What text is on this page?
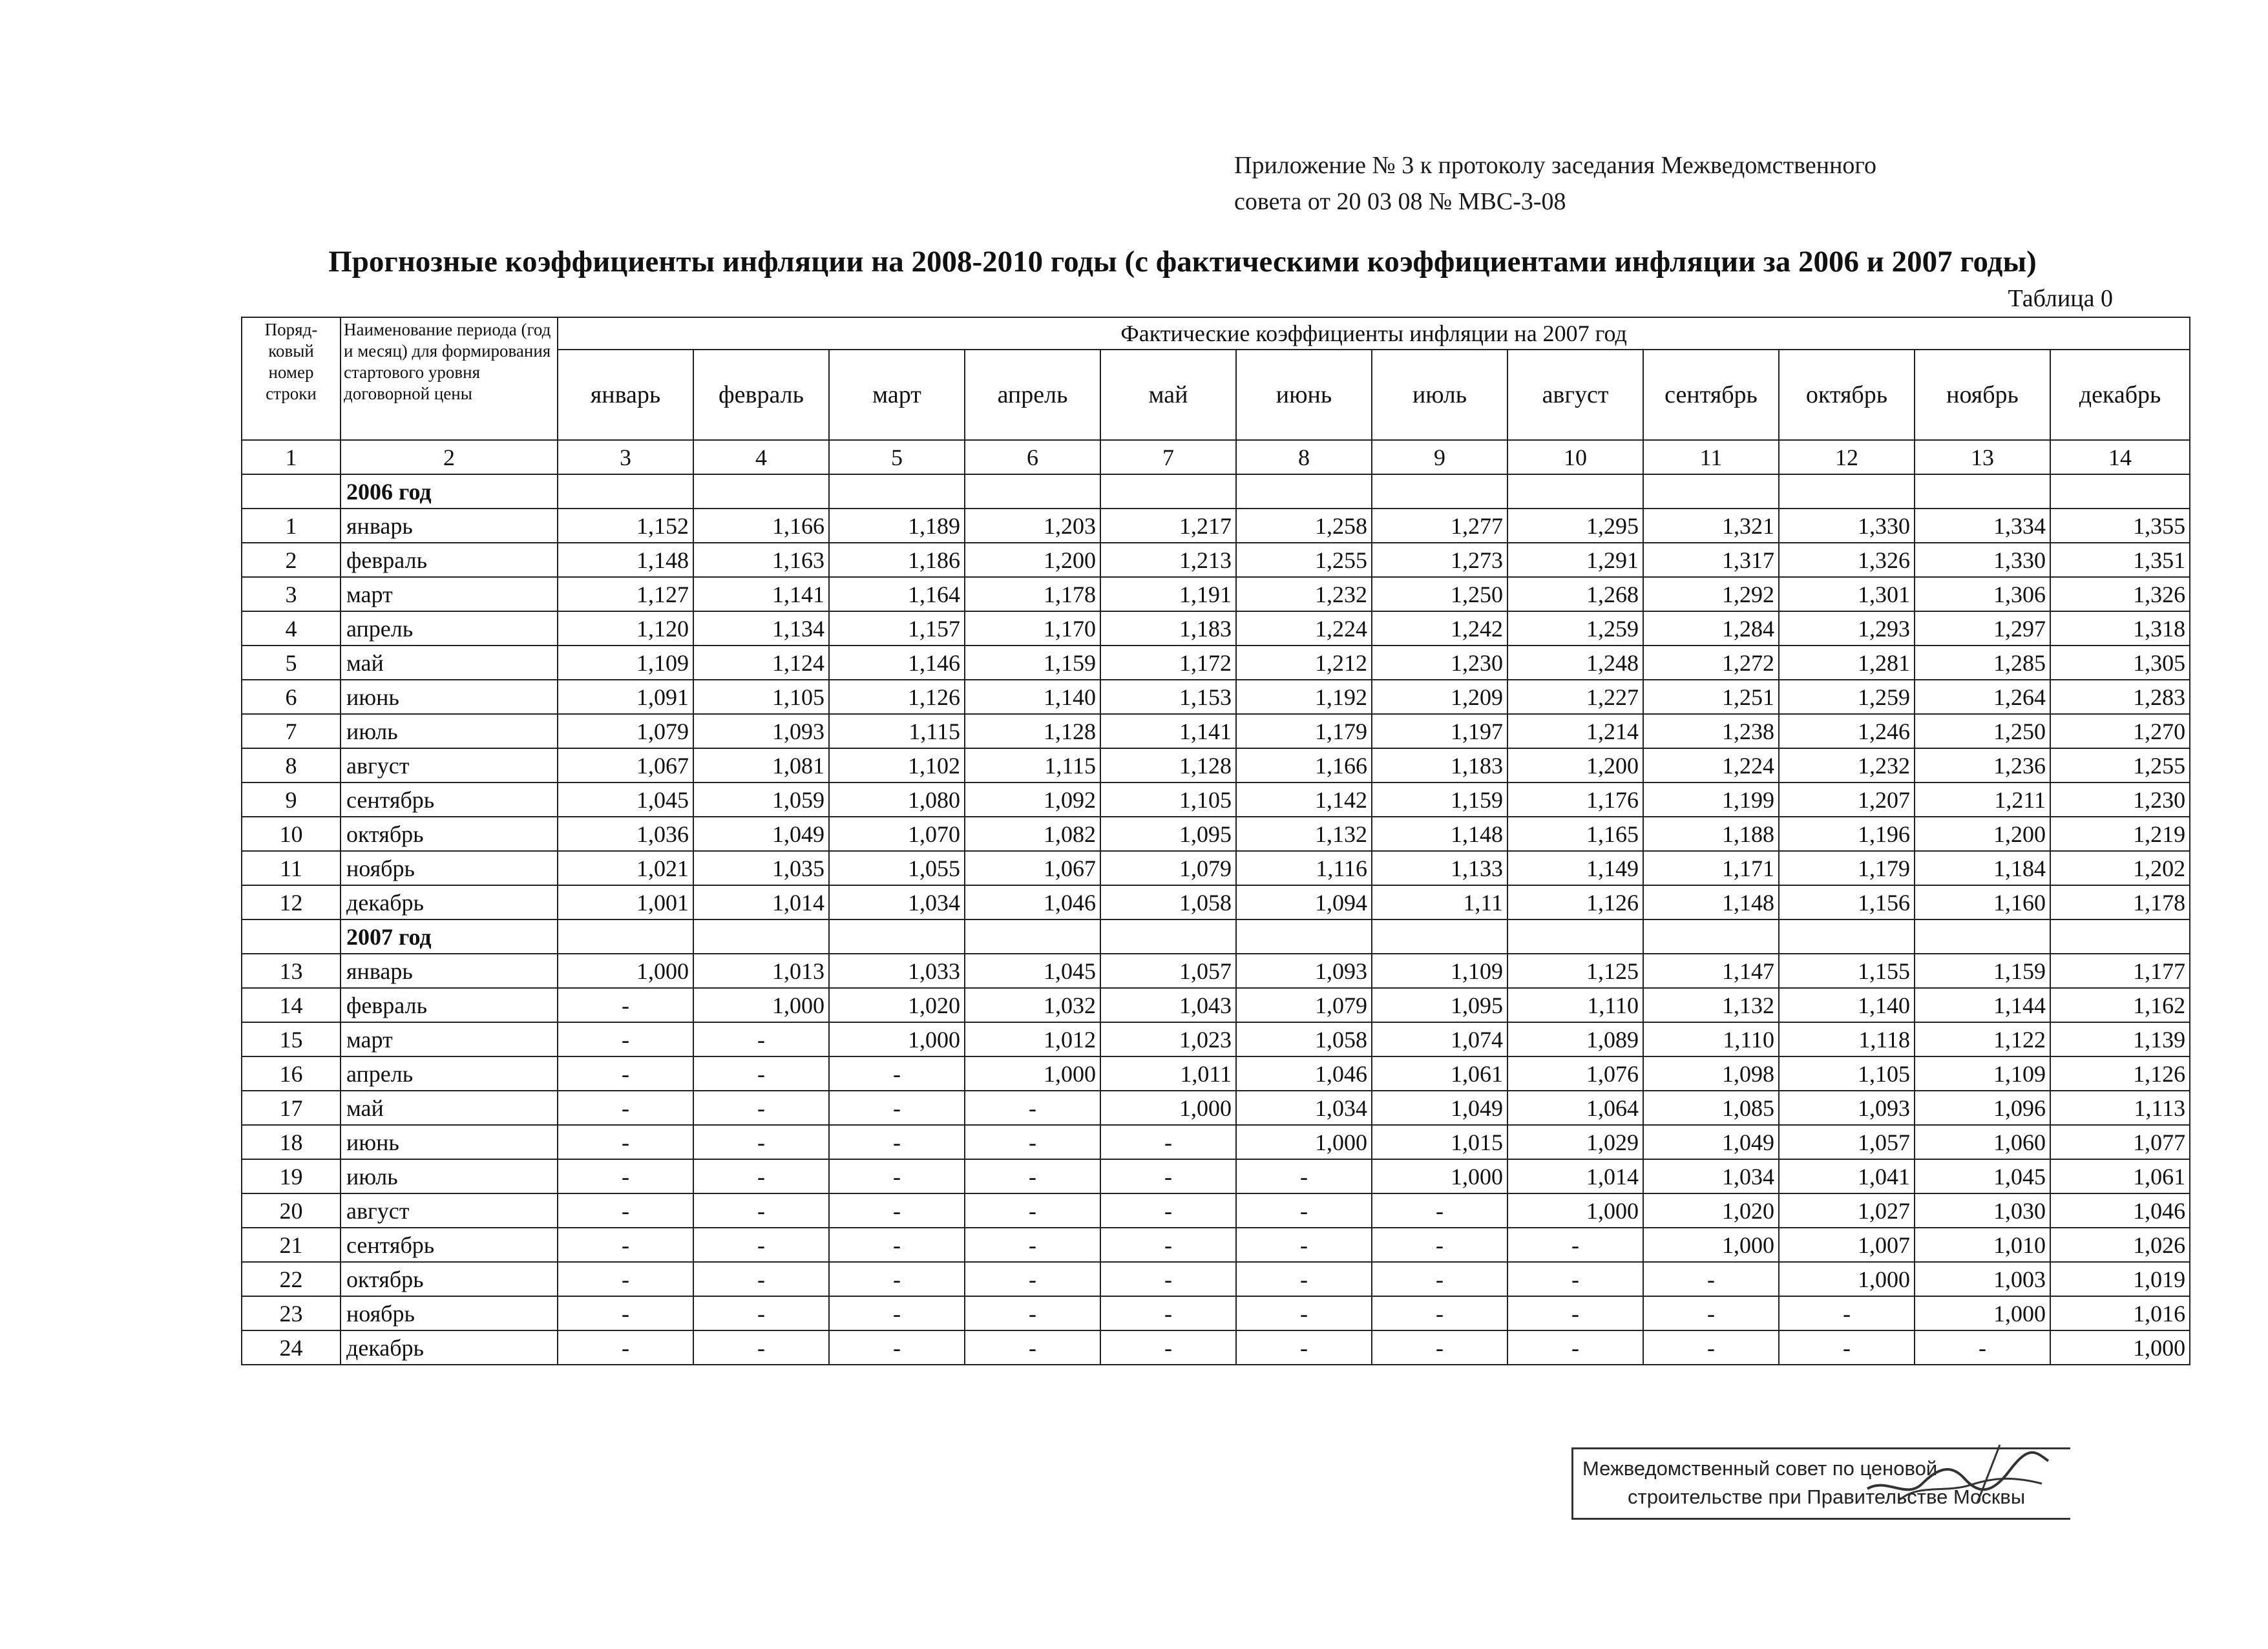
Приложение № 3 к протоколу заседания Межведомственного
совета от 20 03 08 № МВС-3-08
Прогнозные коэффициенты инфляции на 2008-2010 годы (с фактическими коэффициентами инфляции за 2006 и 2007 годы)
Таблица 0
Поряд-ковый номер строки	Наименование периода (год и месяц) для формирования стартового уровня договорной цены	Фактические коэффициенты инфляции на 2007 год											
		январь	февраль	март	апрель	май	июнь	июль	август	сентябрь	октябрь	ноябрь	декабрь
1	2	3	4	5	6	7	8	9	10	11	12	13	14
	2006 год												
1	январь	1,152	1,166	1,189	1,203	1,217	1,258	1,277	1,295	1,321	1,330	1,334	1,355
2	февраль	1,148	1,163	1,186	1,200	1,213	1,255	1,273	1,291	1,317	1,326	1,330	1,351
3	март	1,127	1,141	1,164	1,178	1,191	1,232	1,250	1,268	1,292	1,301	1,306	1,326
4	апрель	1,120	1,134	1,157	1,170	1,183	1,224	1,242	1,259	1,284	1,293	1,297	1,318
5	май	1,109	1,124	1,146	1,159	1,172	1,212	1,230	1,248	1,272	1,281	1,285	1,305
6	июнь	1,091	1,105	1,126	1,140	1,153	1,192	1,209	1,227	1,251	1,259	1,264	1,283
7	июль	1,079	1,093	1,115	1,128	1,141	1,179	1,197	1,214	1,238	1,246	1,250	1,270
8	август	1,067	1,081	1,102	1,115	1,128	1,166	1,183	1,200	1,224	1,232	1,236	1,255
9	сентябрь	1,045	1,059	1,080	1,092	1,105	1,142	1,159	1,176	1,199	1,207	1,211	1,230
10	октябрь	1,036	1,049	1,070	1,082	1,095	1,132	1,148	1,165	1,188	1,196	1,200	1,219
11	ноябрь	1,021	1,035	1,055	1,067	1,079	1,116	1,133	1,149	1,171	1,179	1,184	1,202
12	декабрь	1,001	1,014	1,034	1,046	1,058	1,094	1,11	1,126	1,148	1,156	1,160	1,178
	2007 год												
13	январь	1,000	1,013	1,033	1,045	1,057	1,093	1,109	1,125	1,147	1,155	1,159	1,177
14	февраль	-	1,000	1,020	1,032	1,043	1,079	1,095	1,110	1,132	1,140	1,144	1,162
15	март	-	-	1,000	1,012	1,023	1,058	1,074	1,089	1,110	1,118	1,122	1,139
16	апрель	-	-	-	1,000	1,011	1,046	1,061	1,076	1,098	1,105	1,109	1,126
17	май	-	-	-	-	1,000	1,034	1,049	1,064	1,085	1,093	1,096	1,113
18	июнь	-	-	-	-	-	1,000	1,015	1,029	1,049	1,057	1,060	1,077
19	июль	-	-	-	-	-	-	1,000	1,014	1,034	1,041	1,045	1,061
20	август	-	-	-	-	-	-	-	1,000	1,020	1,027	1,030	1,046
21	сентябрь	-	-	-	-	-	-	-	-	1,000	1,007	1,010	1,026
22	октябрь	-	-	-	-	-	-	-	-	-	1,000	1,003	1,019
23	ноябрь	-	-	-	-	-	-	-	-	-	-	1,000	1,016
24	декабрь	-	-	-	-	-	-	-	-	-	-	-	1,000
Межведомственный совет по ценовой
строительстве при Правительстве Москвы
